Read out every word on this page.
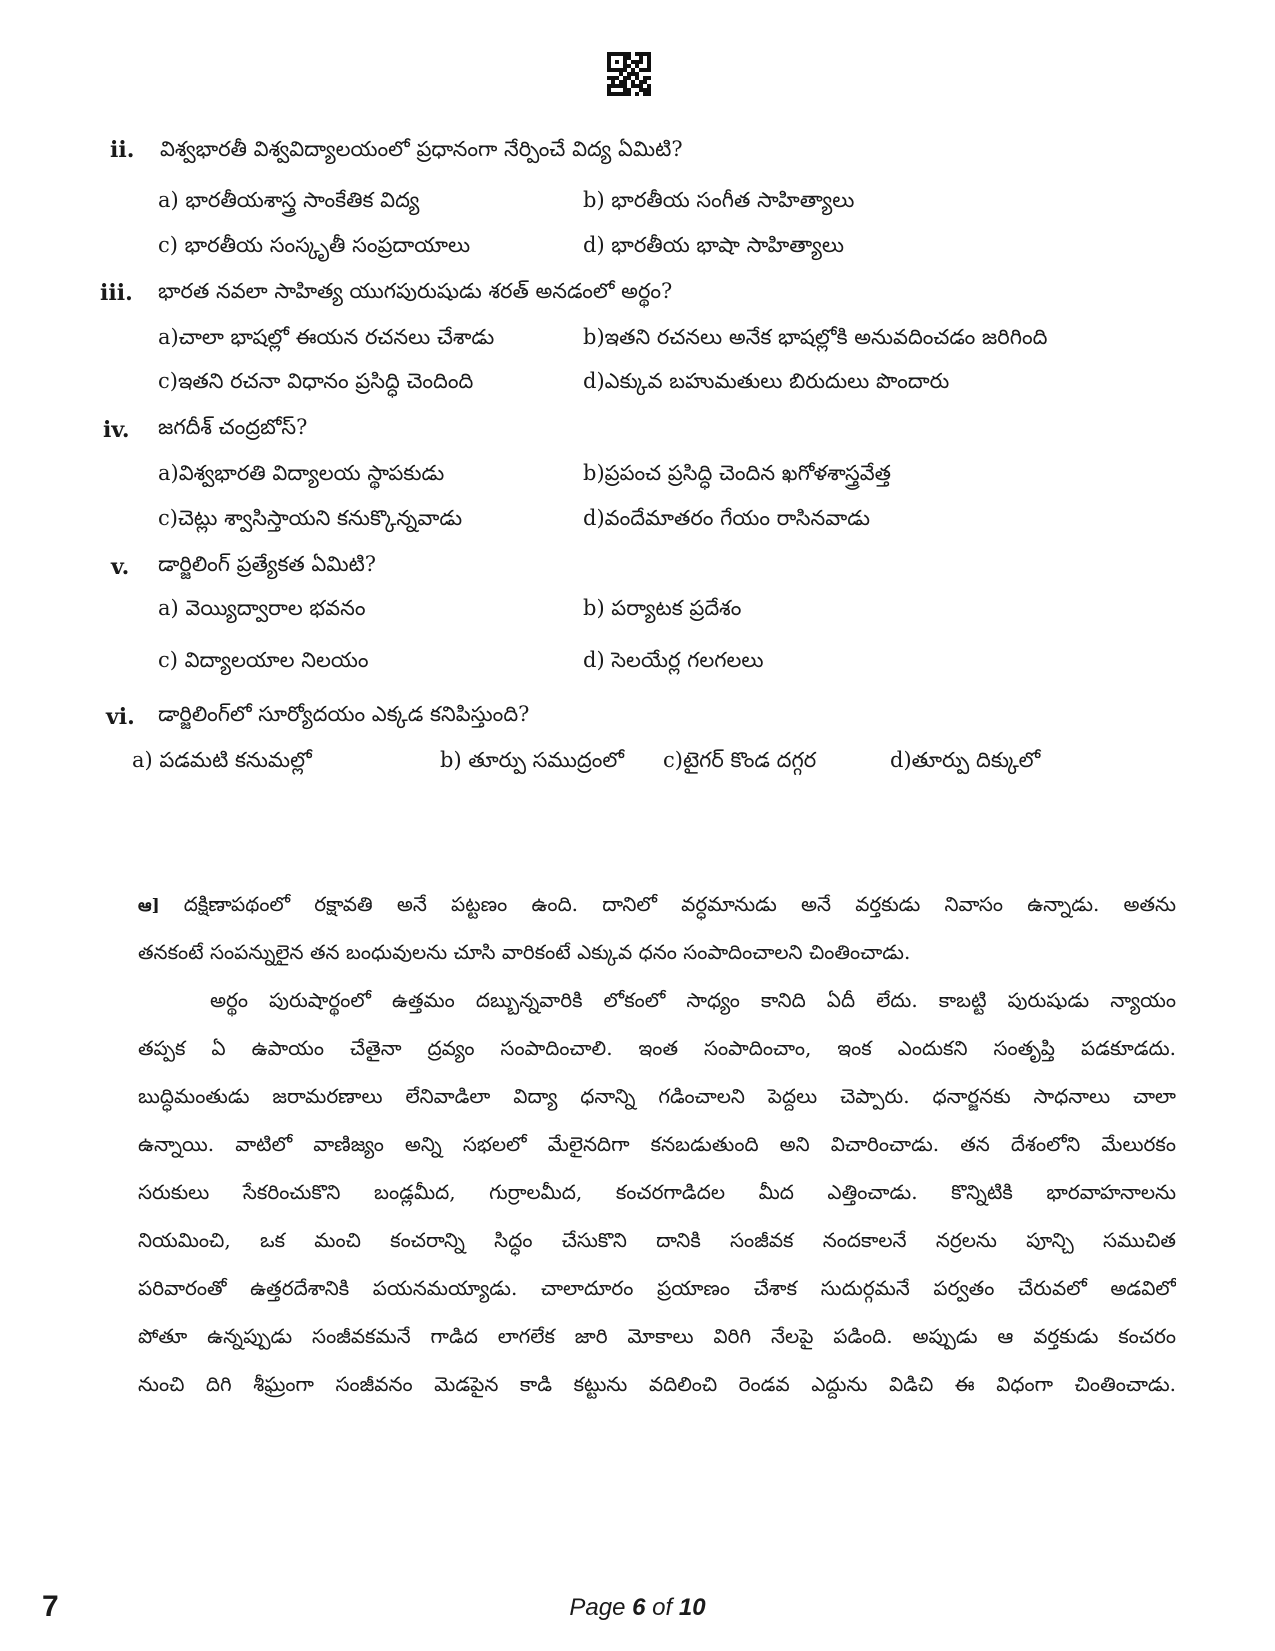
ii. విశ్వభారతీ విశ్వవిద్యాలయంలో ప్రధానంగా నేర్పించే విద్య ఏమిటి?
a) భారతీయశాస్త్ర సాంకేతిక విద్య	b) భారతీయ సంగీత సాహిత్యాలు
c) భారతీయ సంస్కృతీ సంప్రదాయాలు	d) భారతీయ భాషా సాహిత్యాలు
iii. భారత నవలా సాహిత్య యుగపురుషుడు శరత్ అనడంలో అర్థం?
a)చాలా భాషల్లో ఈయన రచనలు చేశాడు	b)ఇతని రచనలు అనేక భాషల్లోకి అనువదించడం జరిగింది
c)ఇతని రచనా విధానం ప్రసిద్ధి చెందింది	d)ఎక్కువ బహుమతులు బిరుదులు పొందారు
iv. జగదీశ్ చంద్రబోస్?
a)విశ్వభారతి విద్యాలయ స్థాపకుడు	b)ప్రపంచ ప్రసిద్ధి చెందిన ఖగోళశాస్త్రవేత్త
c)చెట్లు శ్వాసిస్తాయని కనుక్కొన్నవాడు	d)వందేమాతరం గేయం రాసినవాడు
v. డార్జిలింగ్ ప్రత్యేకత ఏమిటి?
a) వెయ్యిద్వారాల భవనం	b) పర్యాటక ప్రదేశం
c) విద్యాలయాల నిలయం	d) సెలయేర్ల గలగలలు
vi. డార్జిలింగ్‌లో సూర్యోదయం ఎక్కడ కనిపిస్తుంది?
a) పడమటి కనుమల్లో	b) తూర్పు సముద్రంలో c)టైగర్ కొండ దగ్గర	d)తూర్పు దిక్కులో
ఆ] దక్షిణాపథంలో రక్షావతి అనే పట్టణం ఉంది. దానిలో వర్ధమానుడు అనే వర్తకుడు నివాసం ఉన్నాడు. అతను
తనకంటే సంపన్నులైన తన బంధువులను చూసి వారికంటే ఎక్కువ ధనం సంపాదించాలని చింతించాడు.
అర్థం పురుషార్థంలో ఉత్తమం దబ్బున్నవారికి లోకంలో సాధ్యం కానిది ఏదీ లేదు. కాబట్టి పురుషుడు న్యాయం
తప్పక ఏ ఉపాయం చేతైనా ద్రవ్యం సంపాదించాలి. ఇంత సంపాదించాం, ఇంక ఎందుకని సంతృప్తి పడకూడదు.
బుద్ధిమంతుడు జరామరణాలు లేనివాడిలా విద్యా ధనాన్ని గడించాలని పెద్దలు చెప్పారు. ధనార్జనకు సాధనాలు చాలా
ఉన్నాయి. వాటిలో వాణిజ్యం అన్ని సభలలో మేలైనదిగా కనబడుతుంది అని విచారించాడు. తన దేశంలోని మేలురకం
సరుకులు సేకరించుకొని బండ్లమీద, గుర్రాలమీద, కంచరగాడిదల మీద ఎత్తించాడు. కొన్నిటికి భారవాహనాలను
నియమించి, ఒక మంచి కంచరాన్ని సిద్ధం చేసుకొని దానికి సంజీవక నందకాలనే నర్రలను పూన్చి సముచిత
పరివారంతో ఉత్తరదేశానికి పయనమయ్యాడు. చాలాదూరం ప్రయాణం చేశాక సుదుర్గమనే పర్వతం చేరువలో అడవిలో
పోతూ ఉన్నప్పుడు సంజీవకమనే గాడిద లాగలేక జారి మోకాలు విరిగి నేలపై పడింది. అప్పుడు ఆ వర్తకుడు కంచరం
నుంచి దిగి శీఘ్రంగా సంజీవనం మెడపైన కాడి కట్టును వదిలించి రెండవ ఎద్దును విడిచి ఈ విధంగా చింతించాడు.
7	Page 6 of 10
